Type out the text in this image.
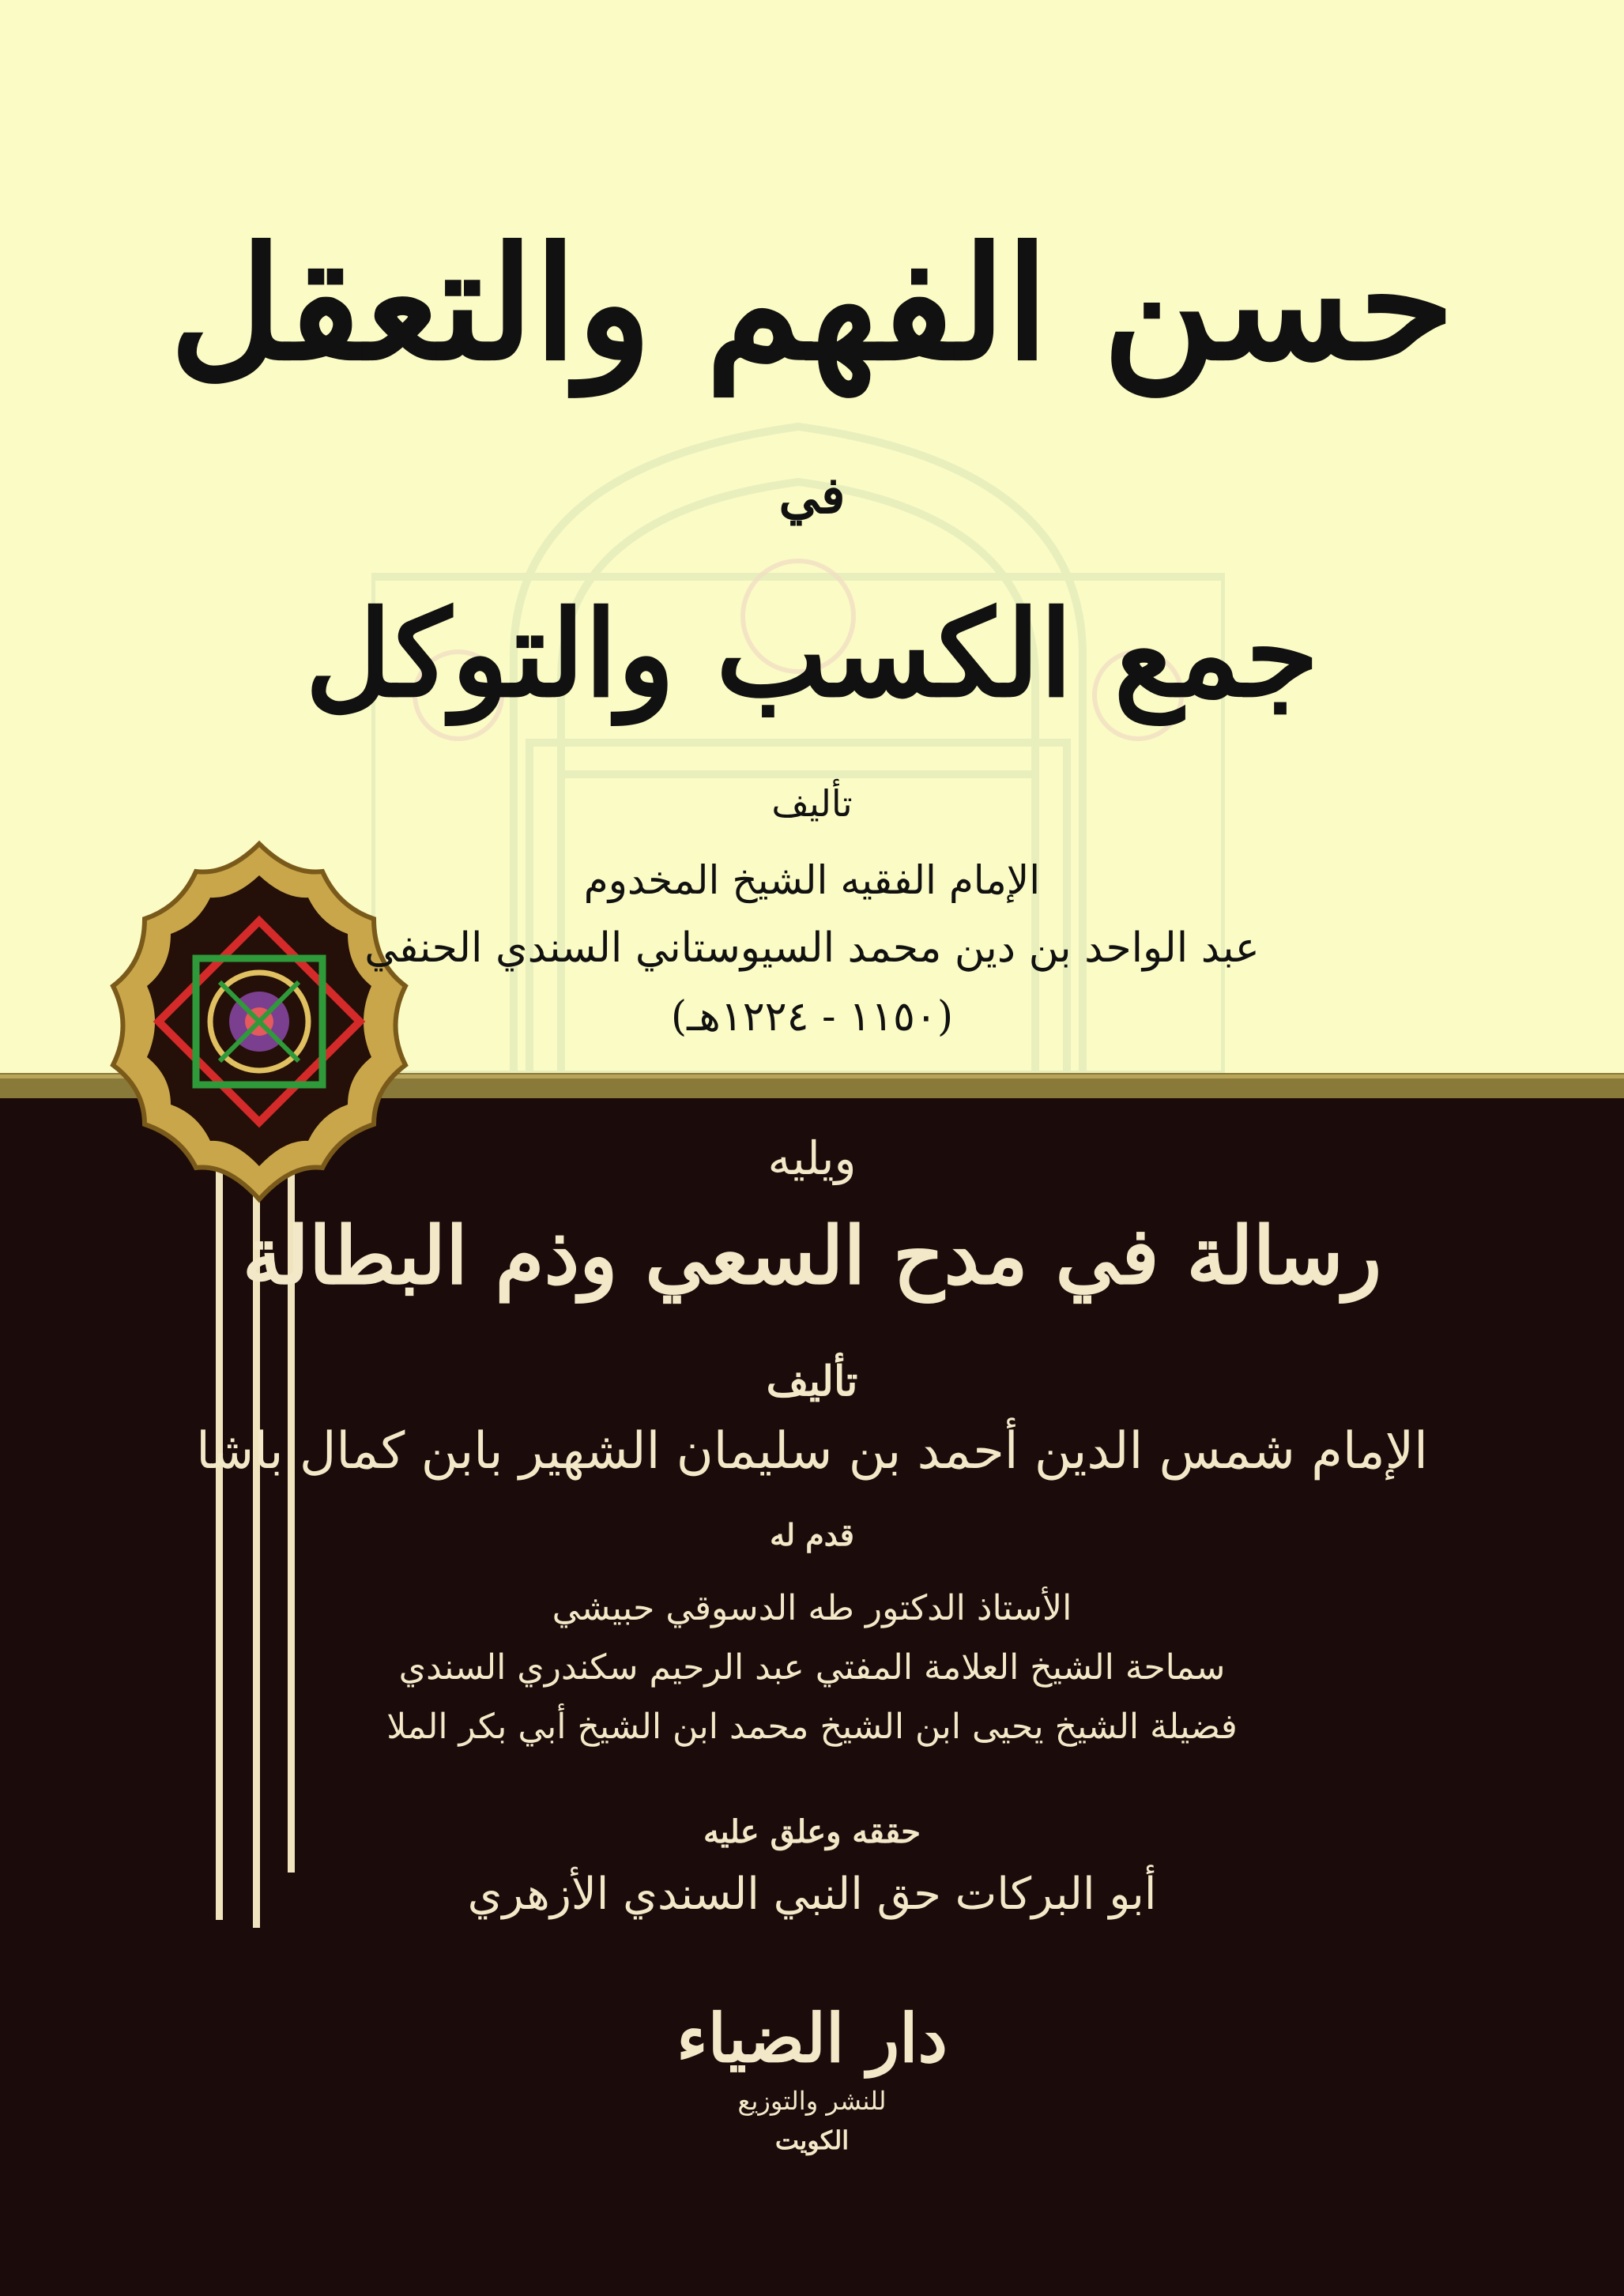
حسن الفهم والتعقل
في
جمع الكسب والتوكل
تأليف
الإمام الفقيه الشيخ المخدوم
عبد الواحد بن دين محمد السيوستاني السندي الحنفي
(١١٥٠ - ١٢٢٤هـ)
ويليه
رسالة في مدح السعي وذم البطالة
تأليف
الإمام شمس الدين أحمد بن سليمان الشهير بابن كمال باشا
قدم له
الأستاذ الدكتور طه الدسوقي حبيشي
سماحة الشيخ العلامة المفتي عبد الرحيم سكندري السندي
فضيلة الشيخ يحيى ابن الشيخ محمد ابن الشيخ أبي بكر الملا
حققه وعلق عليه
أبو البركات حق النبي السندي الأزهري
دار الضياء
للنشر والتوزيع
الكويت
